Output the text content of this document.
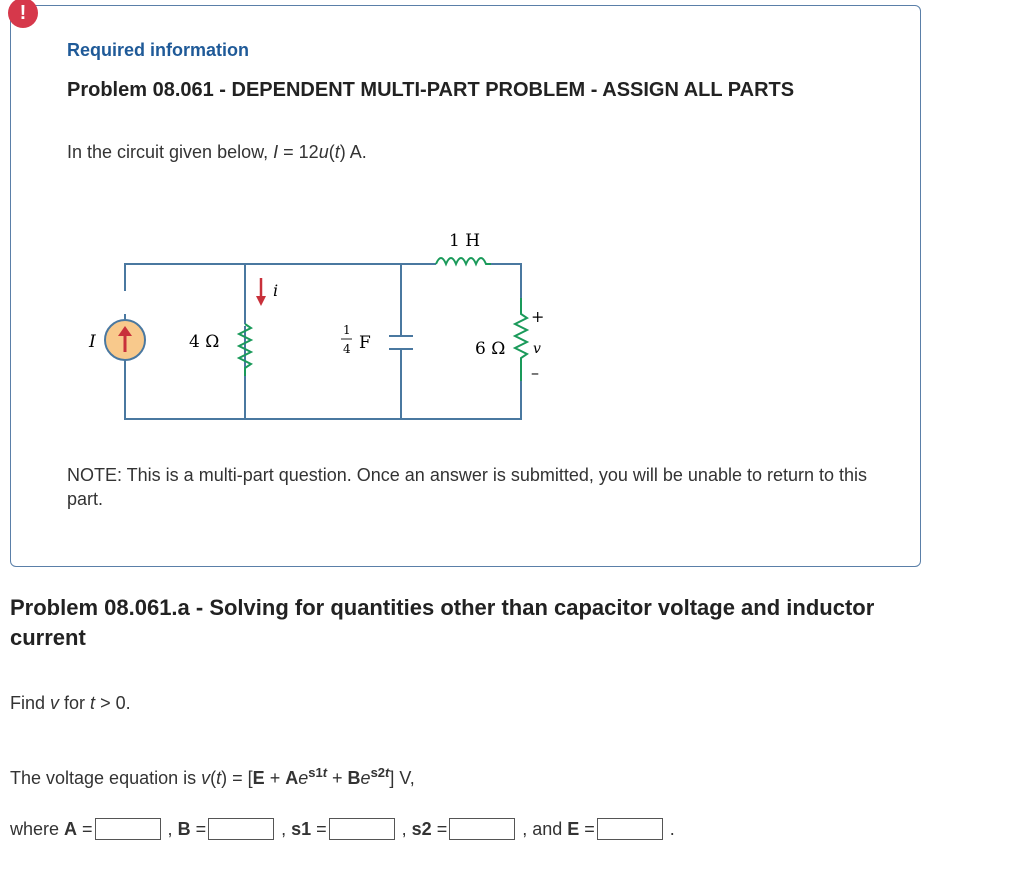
!
Required information
Problem 08.061 - DEPENDENT MULTI-PART PROBLEM - ASSIGN ALL PARTS
In the circuit given below, I = 12u(t) A.
I	4 Ω
i
1
4 F
1 H
6 Ω
+
v
–
NOTE: This is a multi-part question. Once an answer is submitted, you will be unable to return to this part.
Problem 08.061.a - Solving for quantities other than capacitor voltage and inductor current
Find v for t > 0.
The voltage equation is $v(t) = [E + Ae^{s1t} + Be^{s2t}]$ V,
where A =	, B =	, s1 =	, s2 =	, and E =	.
